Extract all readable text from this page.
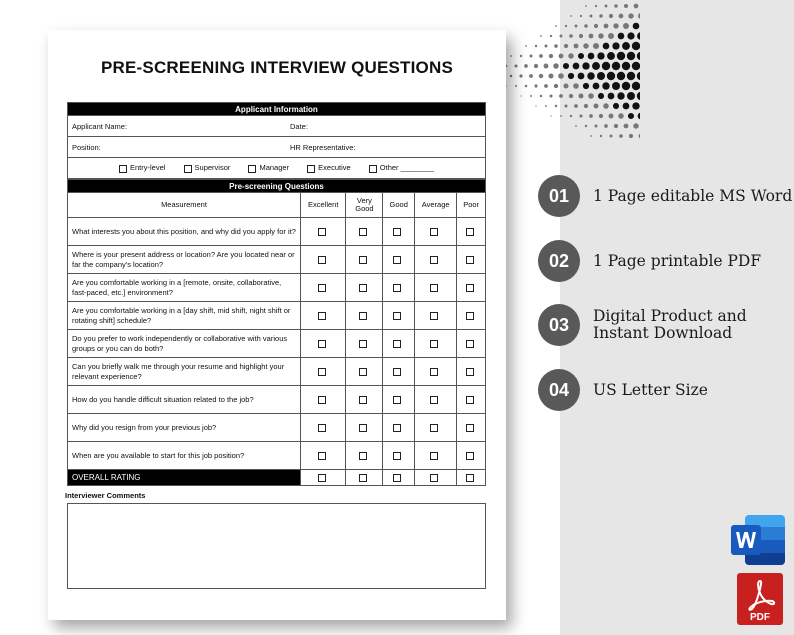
PRE-SCREENING INTERVIEW QUESTIONS
Applicant Information	
Applicant Name:	Date:
Position:	HR Representative:
Entry-level Supervisor Manager Executive Other ________	
Pre-screening Questions					
Measurement	Excellent	Very Good	Good	Average	Poor
What interests you about this position, and why did you apply for it?					
Where is your present address or location? Are you located near or far the company's location?					
Are you comfortable working in a [remote, onsite, collaborative, fast-paced, etc.] environment?					
Are you comfortable working in a [day shift, mid shift, night shift or rotating shift] schedule?					
Do you prefer to work independently or collaborative with various groups or you can do both?					
Can you briefly walk me through your resume and highlight your relevant experience?					
How do you handle difficult situation related to the job?					
Why did you resign from your previous job?					
When are you available to start for this job position?					
OVERALL RATING					
Interviewer Comments
01	1 Page editable MS Word
02	1 Page printable PDF
03	Digital Product and Instant Download
04	US Letter Size
PDF
